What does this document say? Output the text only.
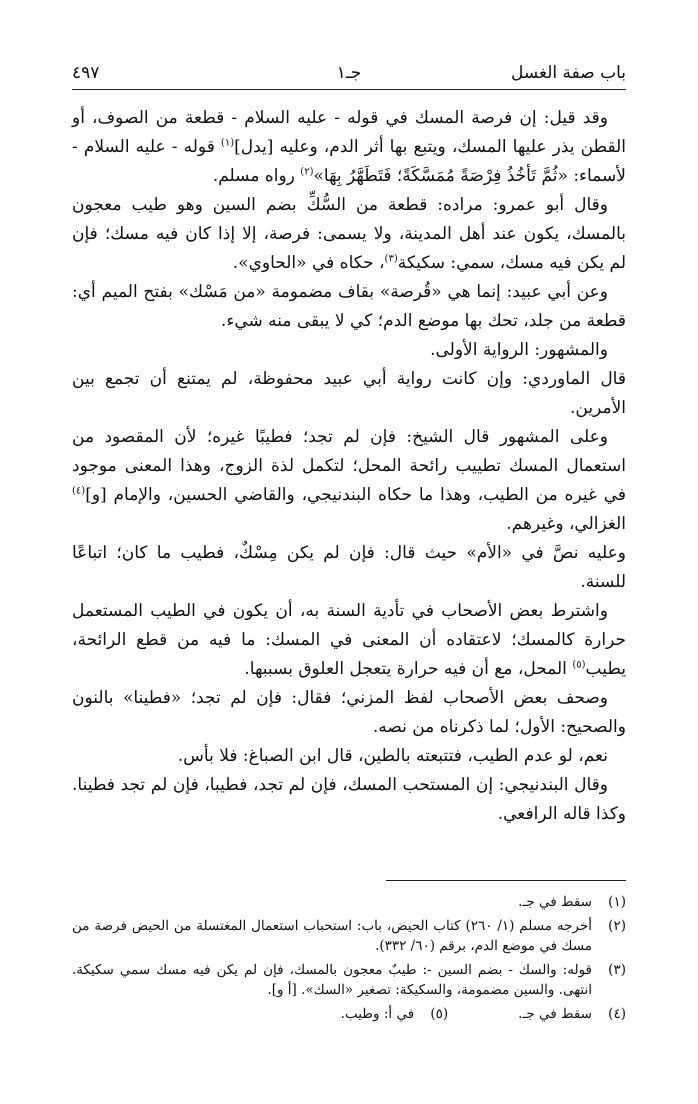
باب صفة الغسل
جـ١
٤٩٧

وقد قيل: إن فرصة المسك في قوله - عليه السلام - قطعة من الصوف، أو القطن يذر عليها المسك، ويتبع بها أثر الدم، وعليه [يدل]$^{(١)}$ قوله - عليه السلام - لأسماء: «ثُمَّ تَأخُذُ فِرْصَةً مُمَسَّكَةً؛ فَتَطَهَّرُ بِهَا»$^{(٢)}$ رواه مسلم.

وقال أبو عمرو: مراده: قطعة من السُّكِّ بضم السين وهو طيب معجون بالمسك، يكون عند أهل المدينة، ولا يسمى: فرصة، إلا إذا كان فيه مسك؛ فإن لم يكن فيه مسك، سمي: سكيكة$^{(٣)}$، حكاه في «الحاوي».

وعن أبي عبيد: إنما هي «قُرصة» بقاف مضمومة «من مَسْك» بفتح الميم أي: قطعة من جلد، تحك بها موضع الدم؛ كي لا يبقى منه شيء.

والمشهور: الرواية الأولى.

قال الماوردي: وإن كانت رواية أبي عبيد محفوظة، لم يمتنع أن تجمع بين الأمرين.

وعلى المشهور قال الشيخ: فإن لم تجد؛ فطيبًا غيره؛ لأن المقصود من استعمال المسك تطييب رائحة المحل؛ لتكمل لذة الزوج، وهذا المعنى موجود في غيره من الطيب، وهذا ما حكاه البندنيجي، والقاضي الحسين، والإمام [و]$^{(٤)}$ الغزالي، وغيرهم.

وعليه نصَّ في «الأم» حيث قال: فإن لم يكن مِسْكٌ، فطيب ما كان؛ اتباعًا للسنة.

واشترط بعض الأصحاب في تأدية السنة به، أن يكون في الطيب المستعمل حرارة كالمسك؛ لاعتقاده أن المعنى في المسك: ما فيه من قطع الرائحة، يطيب$^{(٥)}$ المحل، مع أن فيه حرارة يتعجل العلوق بسببها.

وصحف بعض الأصحاب لفظ المزني؛ فقال: فإن لم تجد؛ «فطينا» بالنون والصحيح: الأول؛ لما ذكرناه من نصه.

نعم، لو عدم الطيب، فتتبعته بالطين، قال ابن الصباغ: فلا بأس.

وقال البندنيجي: إن المستحب المسك، فإن لم تجد، فطيبا، فإن لم تجد فطينا. وكذا قاله الرافعي.

(١)
سقط في جـ.
(٢)
أخرجه مسلم (١/ ٢٦٠) كتاب الحيض، باب: استحباب استعمال المغتسلة من الحيض فرصة من مسك في موضع الدم، برقم (٦٠/ ٣٣٢).
(٣)
قوله: والسك - بضم السين -: طيبٌ معجون بالمسك، فإن لم يكن فيه مسك سمي سكيكة. انتهى. والسين مضمومة، والسكيكة: تصغير «السك». [أ و].
(٤)
سقط في جـ.
(٥)
في أ: وطيب.
